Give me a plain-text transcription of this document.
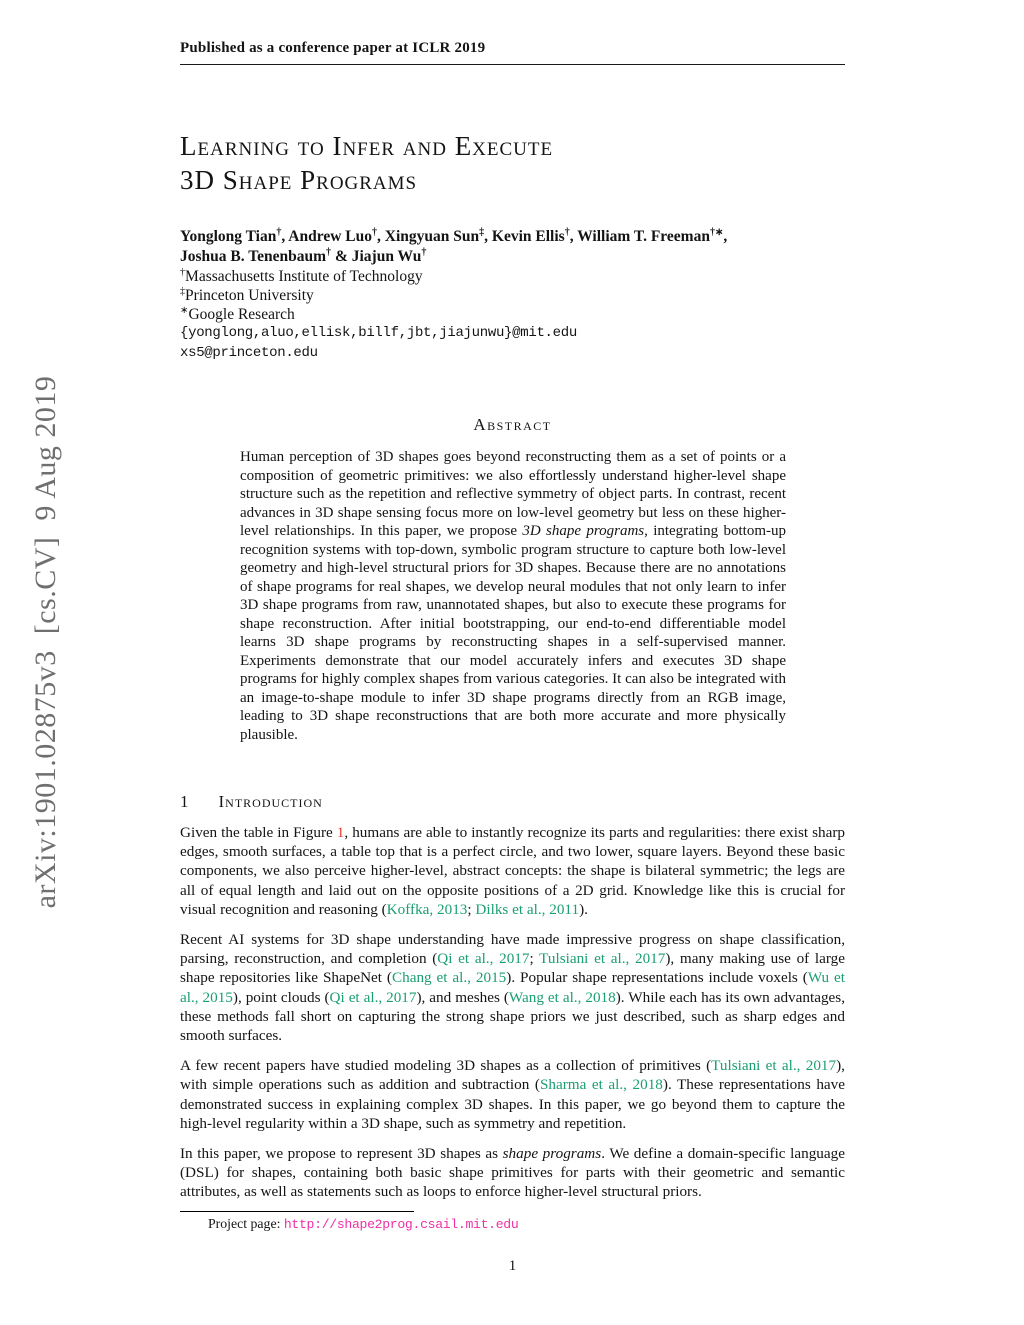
arXiv:1901.02875v3  [cs.CV]  9 Aug 2019
Published as a conference paper at ICLR 2019
Learning to Infer and Execute
3D Shape Programs
Yonglong Tian†, Andrew Luo†, Xingyuan Sun‡, Kevin Ellis†, William T. Freeman†∗,
Joshua B. Tenenbaum† & Jiajun Wu†
†Massachusetts Institute of Technology
‡Princeton University
∗Google Research
{yonglong,aluo,ellisk,billf,jbt,jiajunwu}@mit.edu
xs5@princeton.edu
Abstract
Human perception of 3D shapes goes beyond reconstructing them as a set of points or a composition of geometric primitives: we also effortlessly understand higher-level shape structure such as the repetition and reflective symmetry of object parts. In contrast, recent advances in 3D shape sensing focus more on low-level geometry but less on these higher-level relationships. In this paper, we propose 3D shape programs, integrating bottom-up recognition systems with top-down, symbolic program structure to capture both low-level geometry and high-level structural priors for 3D shapes. Because there are no annotations of shape programs for real shapes, we develop neural modules that not only learn to infer 3D shape programs from raw, unannotated shapes, but also to execute these programs for shape reconstruction. After initial bootstrapping, our end-to-end differentiable model learns 3D shape programs by reconstructing shapes in a self-supervised manner. Experiments demonstrate that our model accurately infers and executes 3D shape programs for highly complex shapes from various categories. It can also be integrated with an image-to-shape module to infer 3D shape programs directly from an RGB image, leading to 3D shape reconstructions that are both more accurate and more physically plausible.
1 Introduction

Given the table in Figure 1, humans are able to instantly recognize its parts and regularities: there exist sharp edges, smooth surfaces, a table top that is a perfect circle, and two lower, square layers. Beyond these basic components, we also perceive higher-level, abstract concepts: the shape is bilateral symmetric; the legs are all of equal length and laid out on the opposite positions of a 2D grid. Knowledge like this is crucial for visual recognition and reasoning (Koffka, 2013; Dilks et al., 2011).

Recent AI systems for 3D shape understanding have made impressive progress on shape classification, parsing, reconstruction, and completion (Qi et al., 2017; Tulsiani et al., 2017), many making use of large shape repositories like ShapeNet (Chang et al., 2015). Popular shape representations include voxels (Wu et al., 2015), point clouds (Qi et al., 2017), and meshes (Wang et al., 2018). While each has its own advantages, these methods fall short on capturing the strong shape priors we just described, such as sharp edges and smooth surfaces.

A few recent papers have studied modeling 3D shapes as a collection of primitives (Tulsiani et al., 2017), with simple operations such as addition and subtraction (Sharma et al., 2018). These representations have demonstrated success in explaining complex 3D shapes. In this paper, we go beyond them to capture the high-level regularity within a 3D shape, such as symmetry and repetition.

In this paper, we propose to represent 3D shapes as shape programs. We define a domain-specific language (DSL) for shapes, containing both basic shape primitives for parts with their geometric and semantic attributes, as well as statements such as loops to enforce higher-level structural priors.

Project page: http://shape2prog.csail.mit.edu
1
